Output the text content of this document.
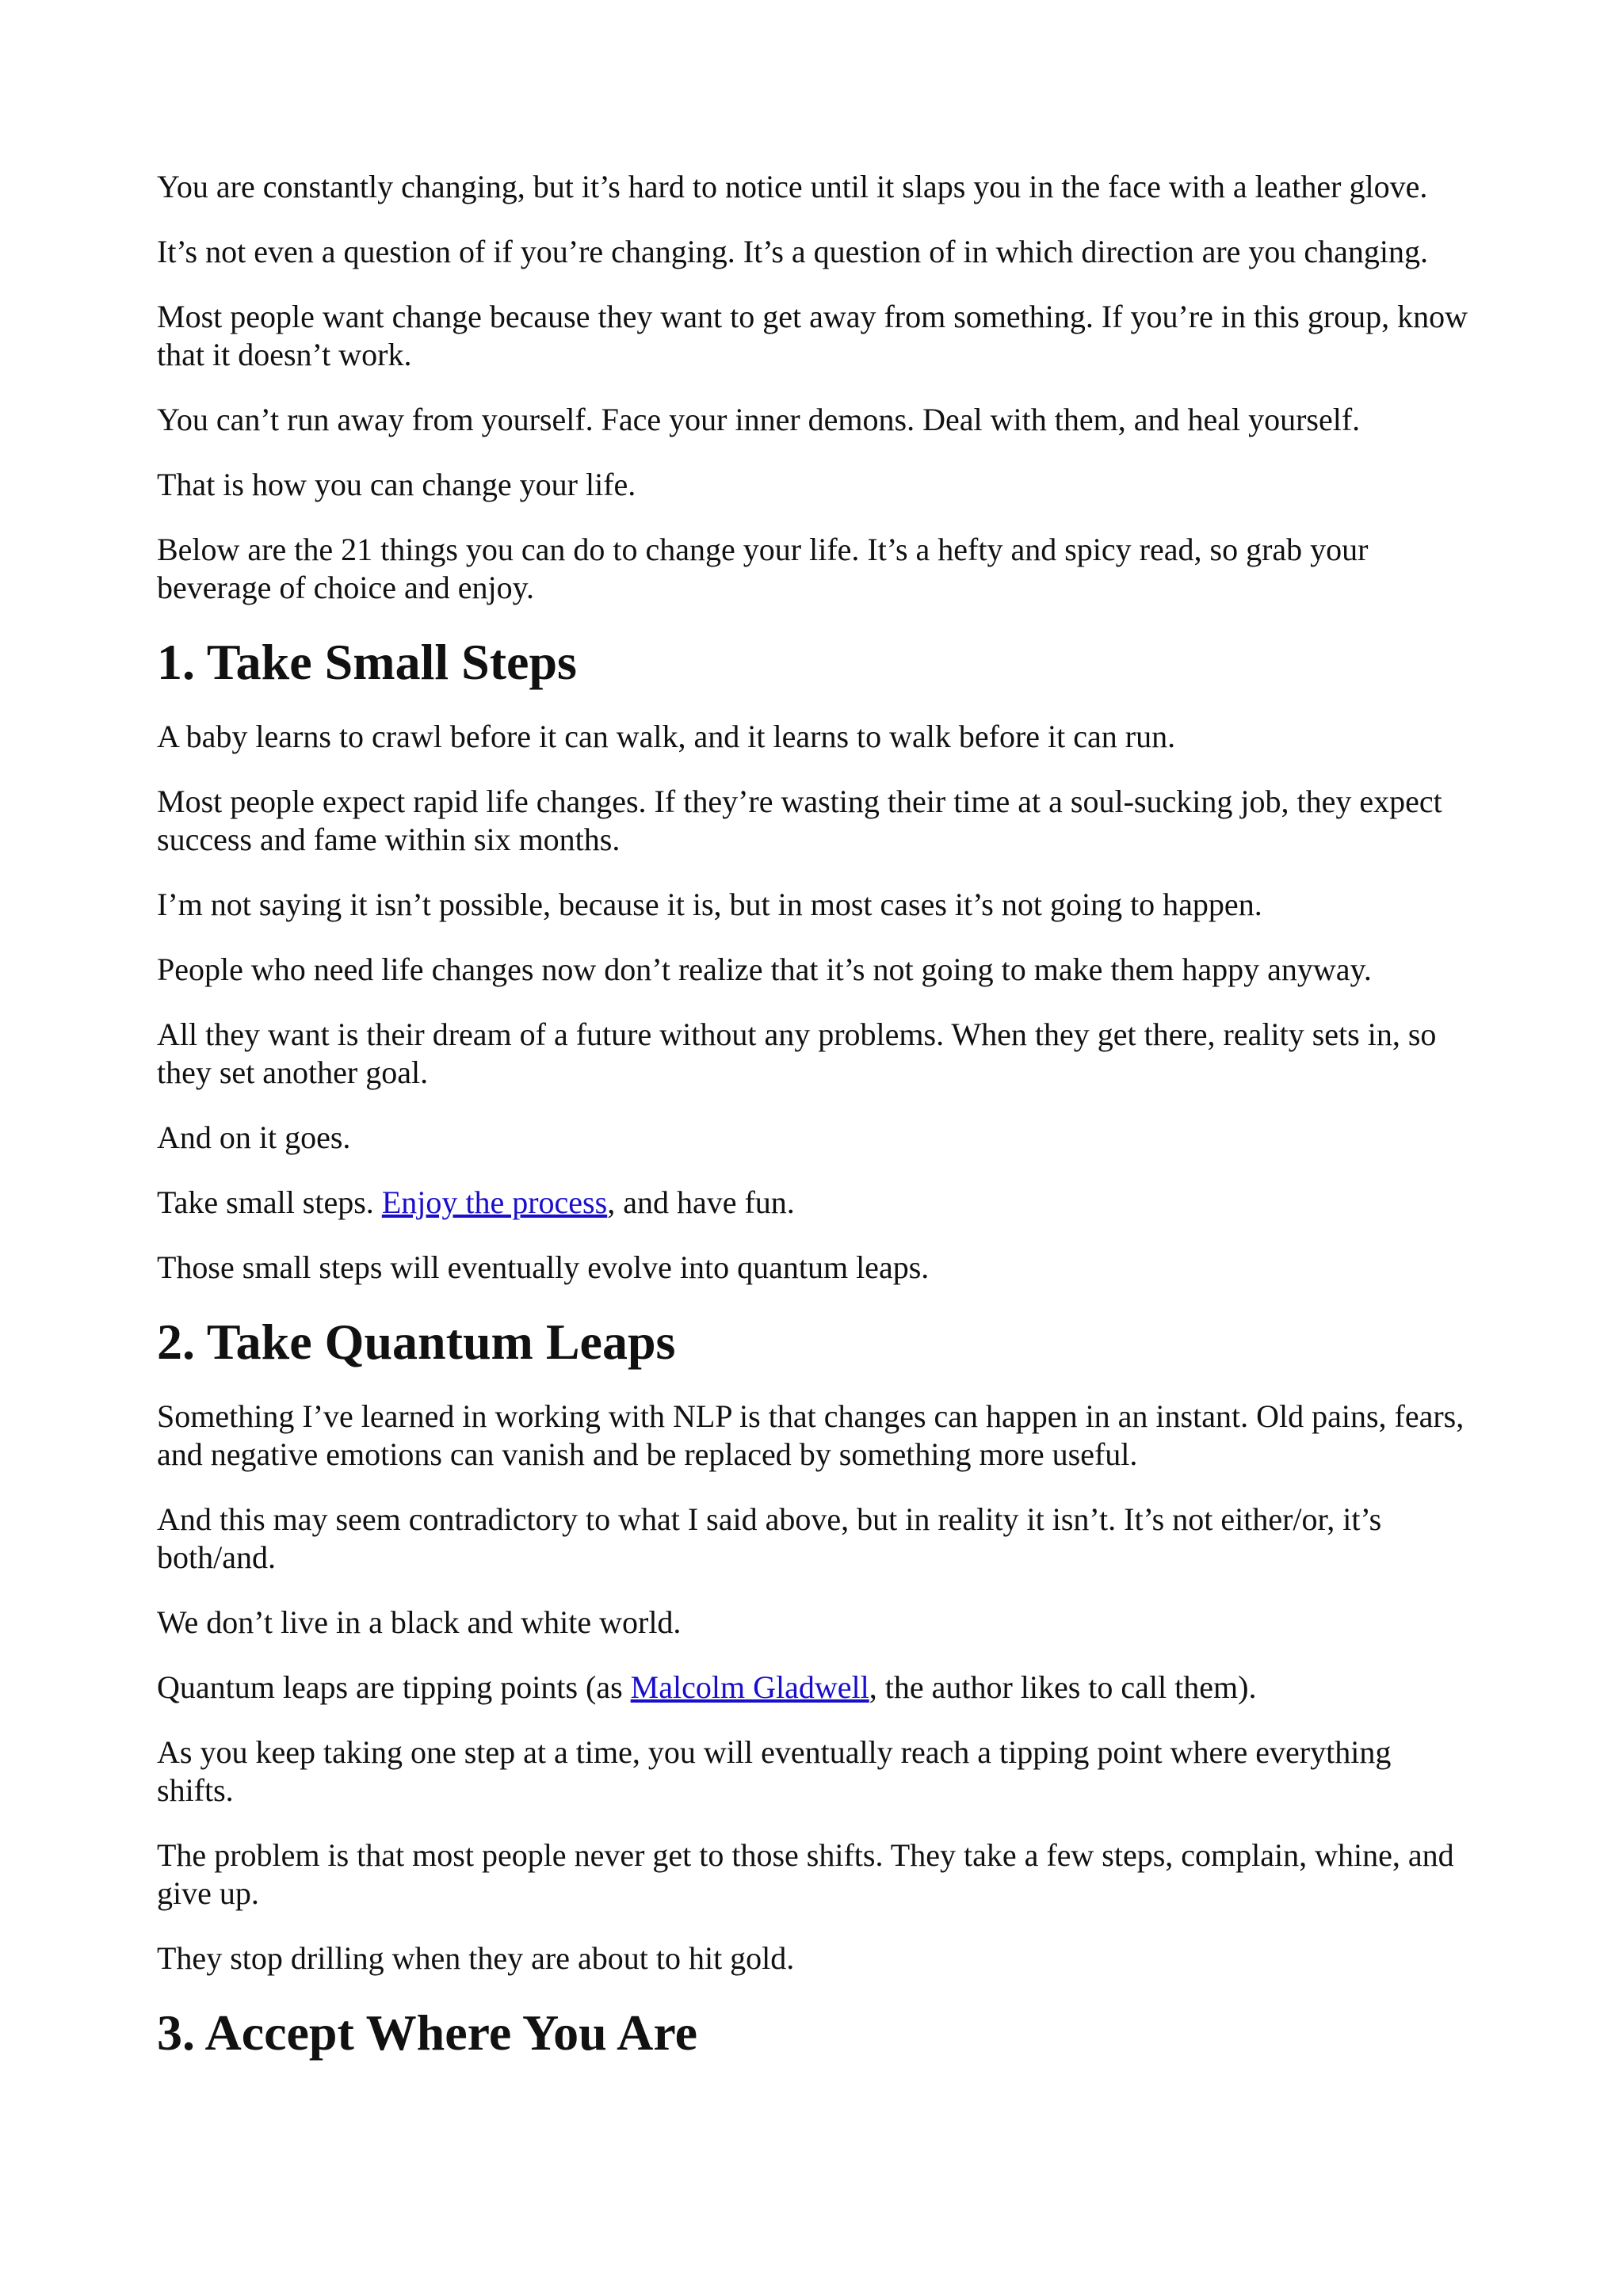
You are constantly changing, but it’s hard to notice until it slaps you in the face with a leather glove.

It’s not even a question of if you’re changing. It’s a question of in which direction are you changing.

Most people want change because they want to get away from something. If you’re in this group, know that it doesn’t work.

You can’t run away from yourself. Face your inner demons. Deal with them, and heal yourself.

That is how you can change your life.

Below are the 21 things you can do to change your life. It’s a hefty and spicy read, so grab your beverage of choice and enjoy.

1. Take Small Steps

A baby learns to crawl before it can walk, and it learns to walk before it can run.

Most people expect rapid life changes. If they’re wasting their time at a soul-sucking job, they expect success and fame within six months.

I’m not saying it isn’t possible, because it is, but in most cases it’s not going to happen.

People who need life changes now don’t realize that it’s not going to make them happy anyway.

All they want is their dream of a future without any problems. When they get there, reality sets in, so they set another goal.

And on it goes.

Take small steps. Enjoy the process, and have fun.

Those small steps will eventually evolve into quantum leaps.

2. Take Quantum Leaps

Something I’ve learned in working with NLP is that changes can happen in an instant. Old pains, fears, and negative emotions can vanish and be replaced by something more useful.

And this may seem contradictory to what I said above, but in reality it isn’t. It’s not either/or, it’s both/and.

We don’t live in a black and white world.

Quantum leaps are tipping points (as Malcolm Gladwell, the author likes to call them).

As you keep taking one step at a time, you will eventually reach a tipping point where everything shifts.

The problem is that most people never get to those shifts. They take a few steps, complain, whine, and give up.

They stop drilling when they are about to hit gold.

3. Accept Where You Are
